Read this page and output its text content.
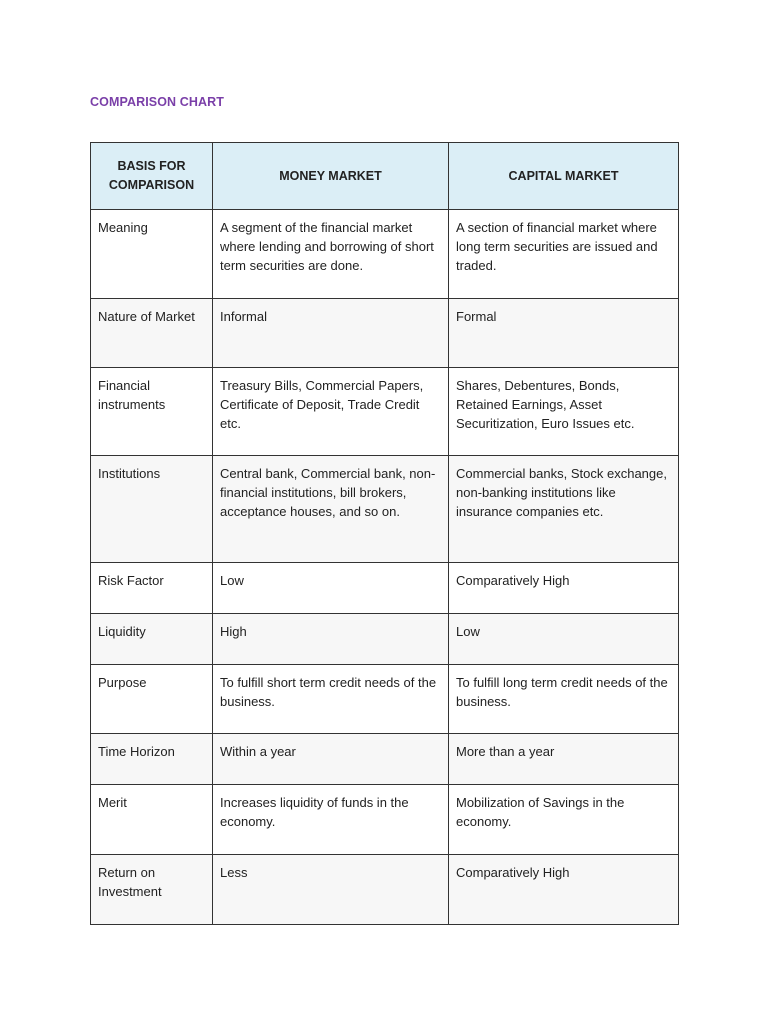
COMPARISON CHART
BASIS FOR COMPARISON	MONEY MARKET	CAPITAL MARKET
Meaning	A segment of the financial market where lending and borrowing of short term securities are done.	A section of financial market where long term securities are issued and traded.
Nature of Market	Informal	Formal
Financial instruments	Treasury Bills, Commercial Papers, Certificate of Deposit, Trade Credit etc.	Shares, Debentures, Bonds, Retained Earnings, Asset Securitization, Euro Issues etc.
Institutions	Central bank, Commercial bank, non-financial institutions, bill brokers, acceptance houses, and so on.	Commercial banks, Stock exchange, non-banking institutions like insurance companies etc.
Risk Factor	Low	Comparatively High
Liquidity	High	Low
Purpose	To fulfill short term credit needs of the business.	To fulfill long term credit needs of the business.
Time Horizon	Within a year	More than a year
Merit	Increases liquidity of funds in the economy.	Mobilization of Savings in the economy.
Return on Investment	Less	Comparatively High
